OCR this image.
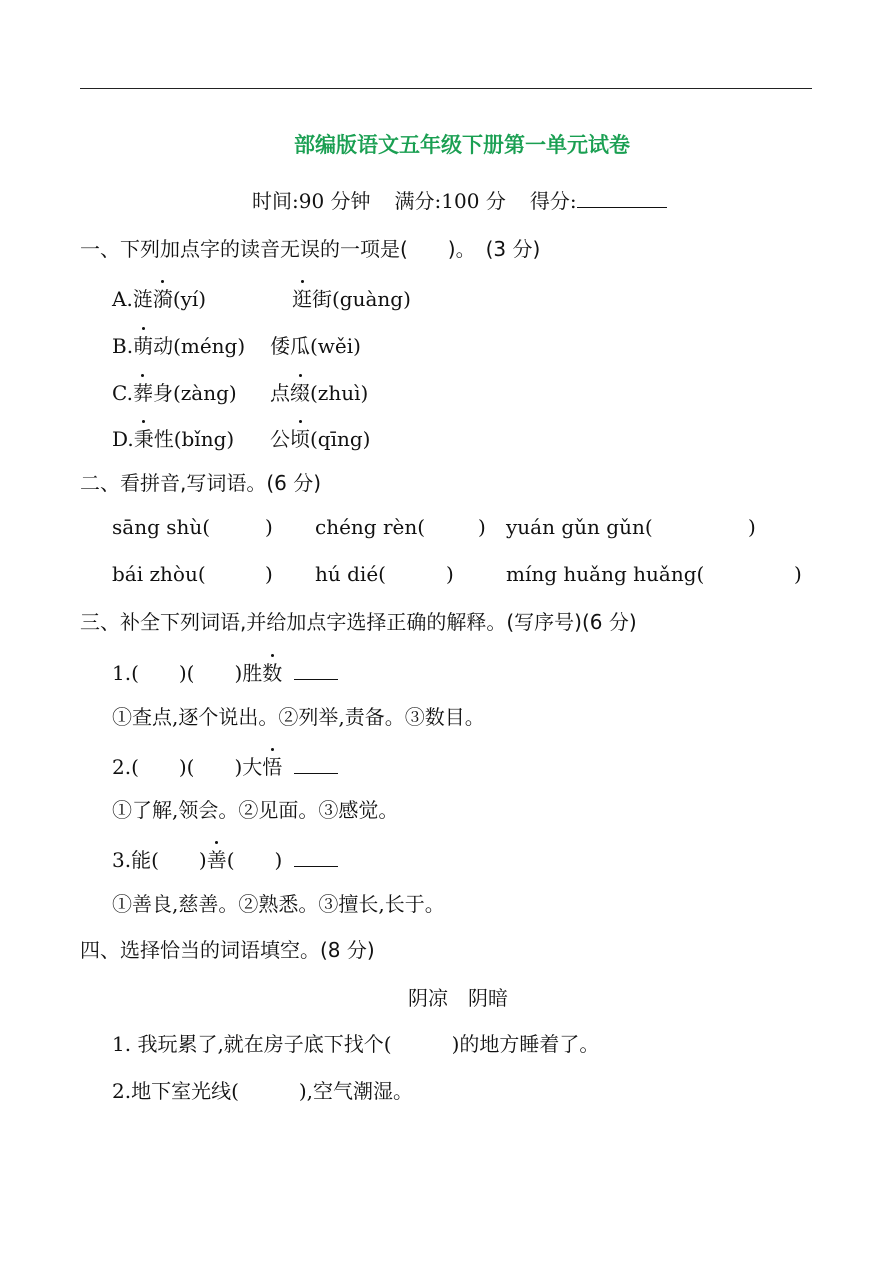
部编版语文五年级下册第一单元试卷
时间:90 分钟 满分:100 分 得分:
一、下列加点字的读音无误的一项是(　　)。　(3 分)
A.涟漪(yí)	逛街(guàng)
B.萌动(méng) 倭瓜(wěi)
C.葬身(zàng) 点缀(zhuì)
D.秉性(bǐng) 公顷(qīng)
二、看拼音,写词语。(6 分)
sāng shù(	) chéng rèn(	) yuán gǔn gǔn(	)
bái zhòu(	) hú dié(	)	míng huǎng huǎng(	)
三、补全下列词语,并给加点字选择正确的解释。(写序号)(6 分)
1.(　　)(　　)胜数
①查点,逐个说出。②列举,责备。③数目。
2.(　　)(　　)大悟
①了解,领会。②见面。③感觉。
3.能(　　)善(　　)
①善良,慈善。②熟悉。③擅长,长于。
四、选择恰当的词语填空。(8 分)
阴凉　阴暗
1. 我玩累了,就在房子底下找个(　　　)的地方睡着了。
2.地下室光线(　　　),空气潮湿。
